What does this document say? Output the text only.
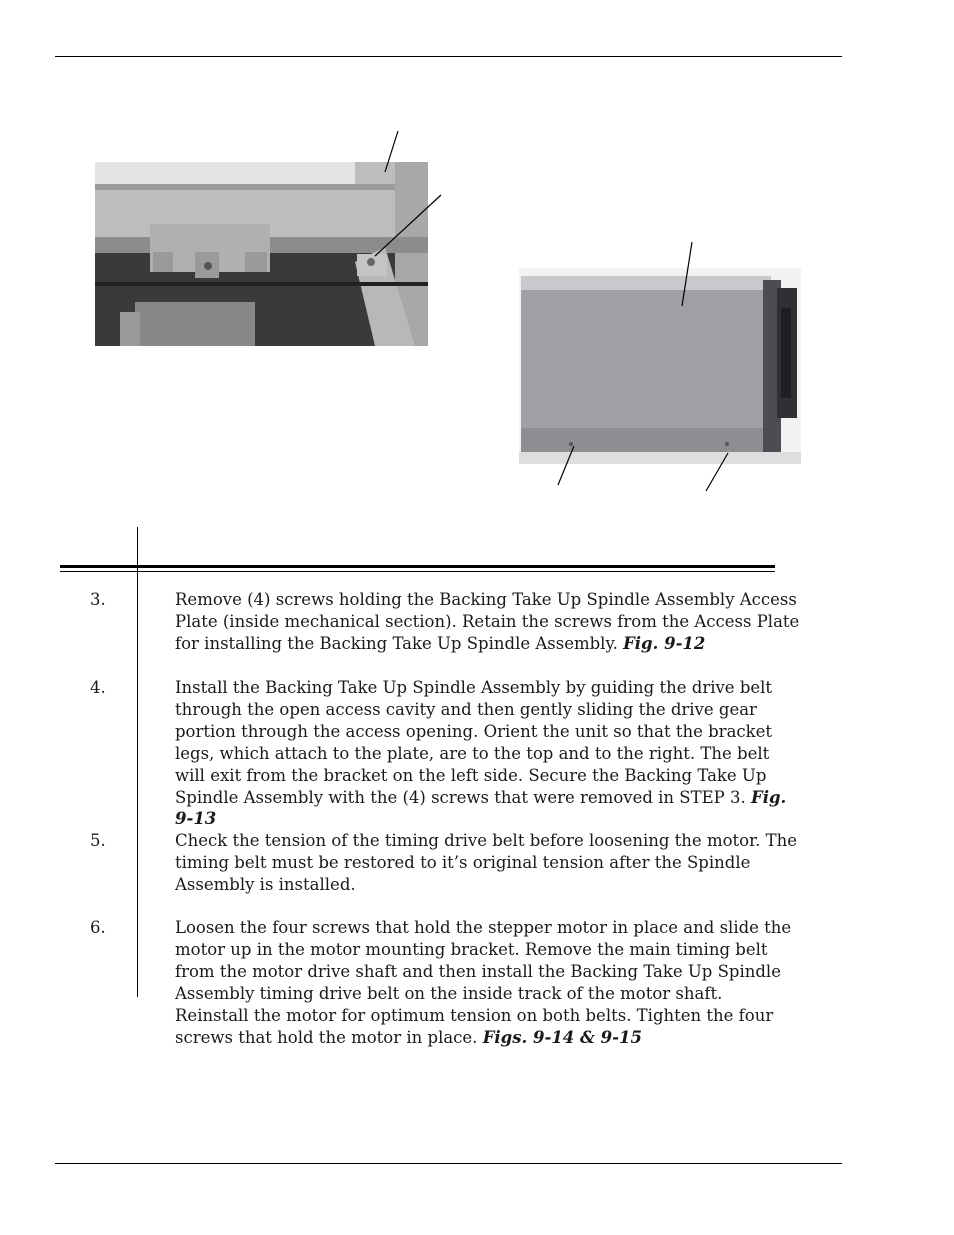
3.	Remove (4) screws holding the Backing Take Up Spindle Assembly Access Plate (inside mechanical section). Retain the screws from the Access Plate for installing the Backing Take Up Spindle Assembly. Fig. 9-12
4.	Install the Backing Take Up Spindle Assembly by guiding the drive belt through the open access cavity and then gently sliding the drive gear portion through the access opening. Orient the unit so that the bracket legs, which attach to the plate, are to the top and to the right. The belt will exit from the bracket on the left side. Secure the Backing Take Up Spindle Assembly with the (4) screws that were removed in STEP 3. Fig. 9-13
5.	Check the tension of the timing drive belt before loosening the motor. The timing belt must be restored to it’s original tension after the Spindle Assembly is installed.
6.	Loosen the four screws that hold the stepper motor in place and slide the motor up in the motor mounting bracket. Remove the main timing belt from the motor drive shaft and then install the Backing Take Up Spindle Assembly timing drive belt on the inside track of the motor shaft. Reinstall the motor for optimum tension on both belts. Tighten the four screws that hold the motor in place. Figs. 9-14 & 9-15
